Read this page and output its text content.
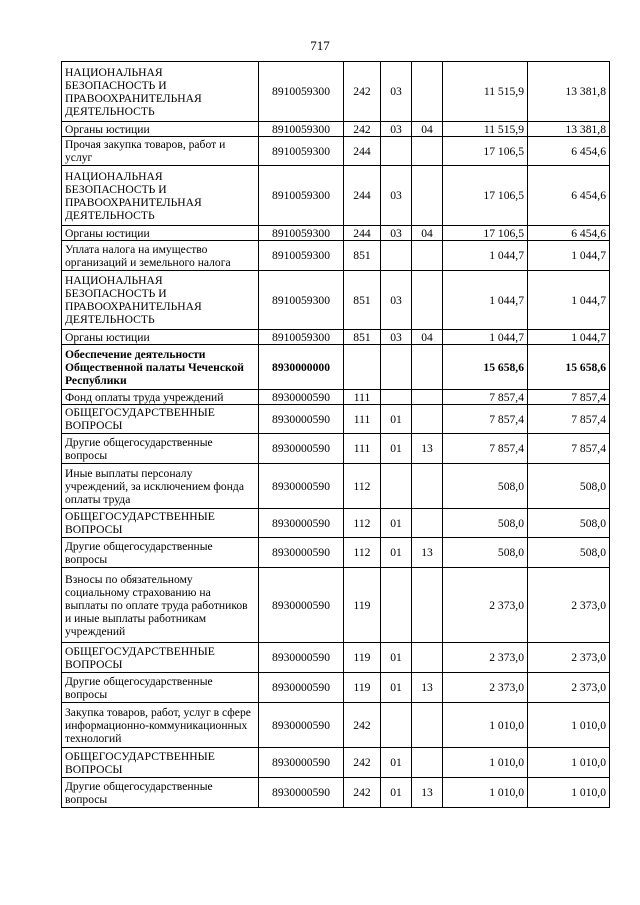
717
НАЦИОНАЛЬНАЯ БЕЗОПАСНОСТЬ И ПРАВООХРАНИТЕЛЬНАЯ ДЕЯТЕЛЬНОСТЬ	8910059300	242	03		11 515,9	13 381,8
Органы юстиции	8910059300	242	03	04	11 515,9	13 381,8
Прочая закупка товаров, работ и услуг	8910059300	244			17 106,5	6 454,6
НАЦИОНАЛЬНАЯ БЕЗОПАСНОСТЬ И ПРАВООХРАНИТЕЛЬНАЯ ДЕЯТЕЛЬНОСТЬ	8910059300	244	03		17 106,5	6 454,6
Органы юстиции	8910059300	244	03	04	17 106,5	6 454,6
Уплата налога на имущество организаций и земельного налога	8910059300	851			1 044,7	1 044,7
НАЦИОНАЛЬНАЯ БЕЗОПАСНОСТЬ И ПРАВООХРАНИТЕЛЬНАЯ ДЕЯТЕЛЬНОСТЬ	8910059300	851	03		1 044,7	1 044,7
Органы юстиции	8910059300	851	03	04	1 044,7	1 044,7
Обеспечение деятельности Общественной палаты Чеченской Республики	8930000000				15 658,6	15 658,6
Фонд оплаты труда учреждений	8930000590	111			7 857,4	7 857,4
ОБЩЕГОСУДАРСТВЕННЫЕ ВОПРОСЫ	8930000590	111	01		7 857,4	7 857,4
Другие общегосударственные вопросы	8930000590	111	01	13	7 857,4	7 857,4
Иные выплаты персоналу учреждений, за исключением фонда оплаты труда	8930000590	112			508,0	508,0
ОБЩЕГОСУДАРСТВЕННЫЕ ВОПРОСЫ	8930000590	112	01		508,0	508,0
Другие общегосударственные вопросы	8930000590	112	01	13	508,0	508,0
Взносы по обязательному социальному страхованию на выплаты по оплате труда работников и иные выплаты работникам учреждений	8930000590	119			2 373,0	2 373,0
ОБЩЕГОСУДАРСТВЕННЫЕ ВОПРОСЫ	8930000590	119	01		2 373,0	2 373,0
Другие общегосударственные вопросы	8930000590	119	01	13	2 373,0	2 373,0
Закупка товаров, работ, услуг в сфере информационно-коммуникационных технологий	8930000590	242			1 010,0	1 010,0
ОБЩЕГОСУДАРСТВЕННЫЕ ВОПРОСЫ	8930000590	242	01		1 010,0	1 010,0
Другие общегосударственные вопросы	8930000590	242	01	13	1 010,0	1 010,0
